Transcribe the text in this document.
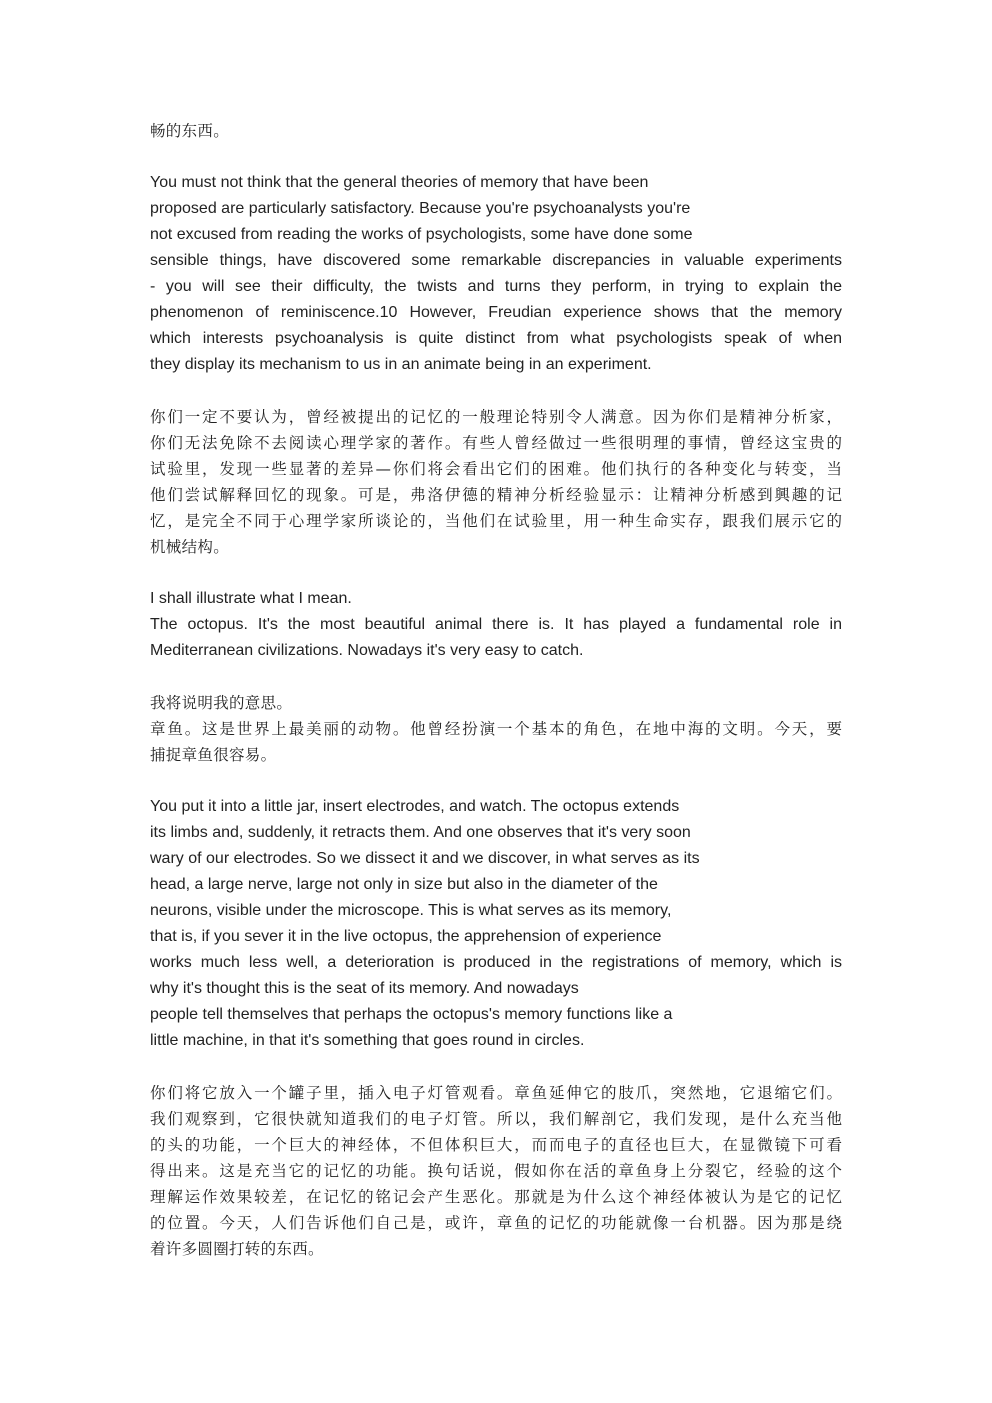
畅的东西。
You must not think that the general theories of memory that have been
proposed are particularly satisfactory. Because you're psychoanalysts you're
not excused from reading the works of psychologists, some have done some
sensible things, have discovered some remarkable discrepancies in valuable experiments
- you will see their difficulty, the twists and turns they perform, in trying to explain the
phenomenon of reminiscence.10 However, Freudian experience shows that the memory
which interests psychoanalysis is quite distinct from what psychologists speak of when
they display its mechanism to us in an animate being in an experiment.
你们一定不要认为，曾经被提出的记忆的一般理论特别令人满意。因为你们是精神分析家，
你们无法免除不去阅读心理学家的著作。有些人曾经做过一些很明理的事情，曾经这宝贵的
试验里，发现一些显著的差异—你们将会看出它们的困难。他们执行的各种变化与转变，当
他们尝试解释回忆的现象。可是，弗洛伊德的精神分析经验显示：让精神分析感到興趣的记
忆，是完全不同于心理学家所谈论的，当他们在试验里，用一种生命实存，跟我们展示它的
机械结构。
I shall illustrate what I mean.
The octopus. It's the most beautiful animal there is. It has played a fundamental role in
Mediterranean civilizations. Nowadays it's very easy to catch.
我将说明我的意思。
章鱼。这是世界上最美丽的动物。他曾经扮演一个基本的角色，在地中海的文明。今天，要
捕捉章鱼很容易。
You put it into a little jar, insert electrodes, and watch. The octopus extends
its limbs and, suddenly, it retracts them. And one observes that it's very soon
wary of our electrodes. So we dissect it and we discover, in what serves as its
head, a large nerve, large not only in size but also in the diameter of the
neurons, visible under the microscope. This is what serves as its memory,
that is, if you sever it in the live octopus, the apprehension of experience
works much less well, a deterioration is produced in the registrations of memory, which is
why it's thought this is the seat of its memory. And nowadays
people tell themselves that perhaps the octopus's memory functions like a
little machine, in that it's something that goes round in circles.
你们将它放入一个罐子里，插入电子灯管观看。章鱼延伸它的肢爪，突然地，它退缩它们。
我们观察到，它很快就知道我们的电子灯管。所以，我们解剖它，我们发现，是什么充当他
的头的功能，一个巨大的神经体，不但体积巨大，而而电子的直径也巨大，在显微镜下可看
得出来。这是充当它的记忆的功能。换句话说，假如你在活的章鱼身上分裂它，经验的这个
理解运作效果较差，在记忆的铭记会产生恶化。那就是为什么这个神经体被认为是它的记忆
的位置。今天，人们告诉他们自己是，或许，章鱼的记忆的功能就像一台机器。因为那是绕
着许多圆圈打转的东西。
